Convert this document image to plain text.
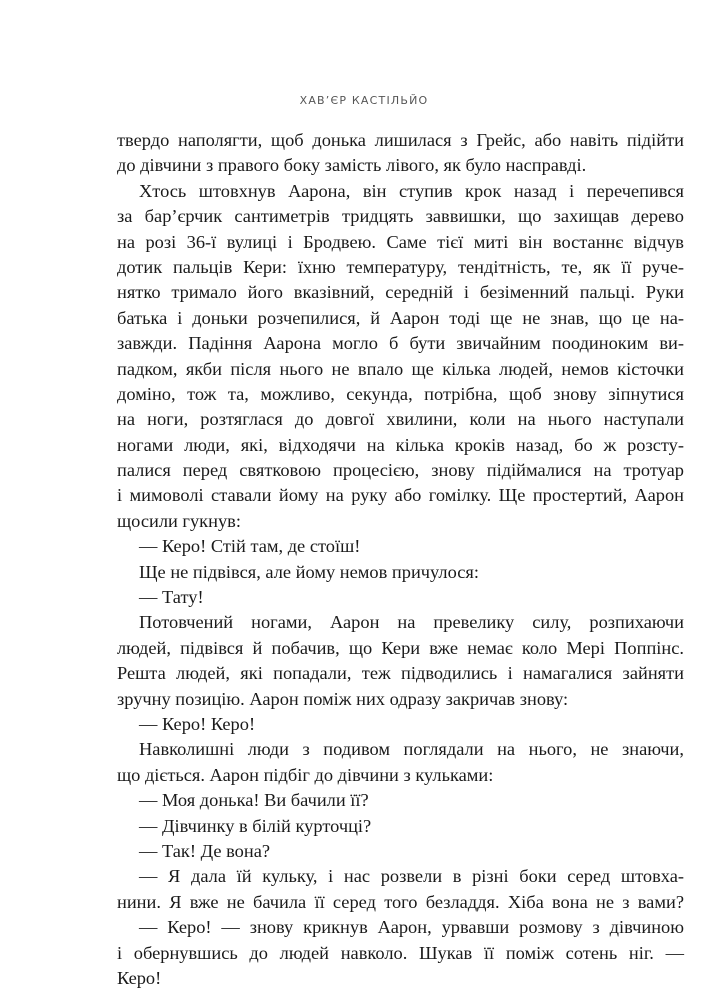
ХАВ’ЄР КАСТІЛЬЙО
твердо наполягти, щоб донька лишилася з Грейс, або навіть підійти
до дівчини з правого боку замість лівого, як було насправді.
Хтось штовхнув Аарона, він ступив крок назад і перечепився
за бар’єрчик сантиметрів тридцять заввишки, що захищав дерево
на розі 36-ї вулиці і Бродвею. Саме тієї миті він востаннє відчув
дотик пальців Кери: їхню температуру, тендітність, те, як її руче-
нятко тримало його вказівний, середній і безіменний пальці. Руки
батька і доньки розчепилися, й Аарон тоді ще не знав, що це на-
завжди. Падіння Аарона могло б бути звичайним поодиноким ви-
падком, якби після нього не впало ще кілька людей, немов кісточки
доміно, тож та, можливо, секунда, потрібна, щоб знову зіпнутися
на ноги, розтяглася до довгої хвилини, коли на нього наступали
ногами люди, які, відходячи на кілька кроків назад, бо ж розсту-
палися перед святковою процесією, знову підіймалися на тротуар
і мимоволі ставали йому на руку або гомілку. Ще простертий, Аарон
щосили гукнув:
— Керо! Стій там, де стоїш!
Ще не підвівся, але йому немов причулося:
— Тату!
Потовчений ногами, Аарон на превелику силу, розпихаючи
людей, підвівся й побачив, що Кери вже немає коло Мері Поппінс.
Решта людей, які попадали, теж підводились і намагалися зайняти
зручну позицію. Аарон поміж них одразу закричав знову:
— Керо! Керо!
Навколишні люди з подивом поглядали на нього, не знаючи,
що діється. Аарон підбіг до дівчини з кульками:
— Моя донька! Ви бачили її?
— Дівчинку в білій курточці?
— Так! Де вона?
— Я дала їй кульку, і нас розвели в різні боки серед штовха-
нини. Я вже не бачила її серед того безладдя. Хіба вона не з вами?
— Керо! — знову крикнув Аарон, урвавши розмову з дівчиною
і обернувшись до людей навколо. Шукав її поміж сотень ніг. —
Керо!
